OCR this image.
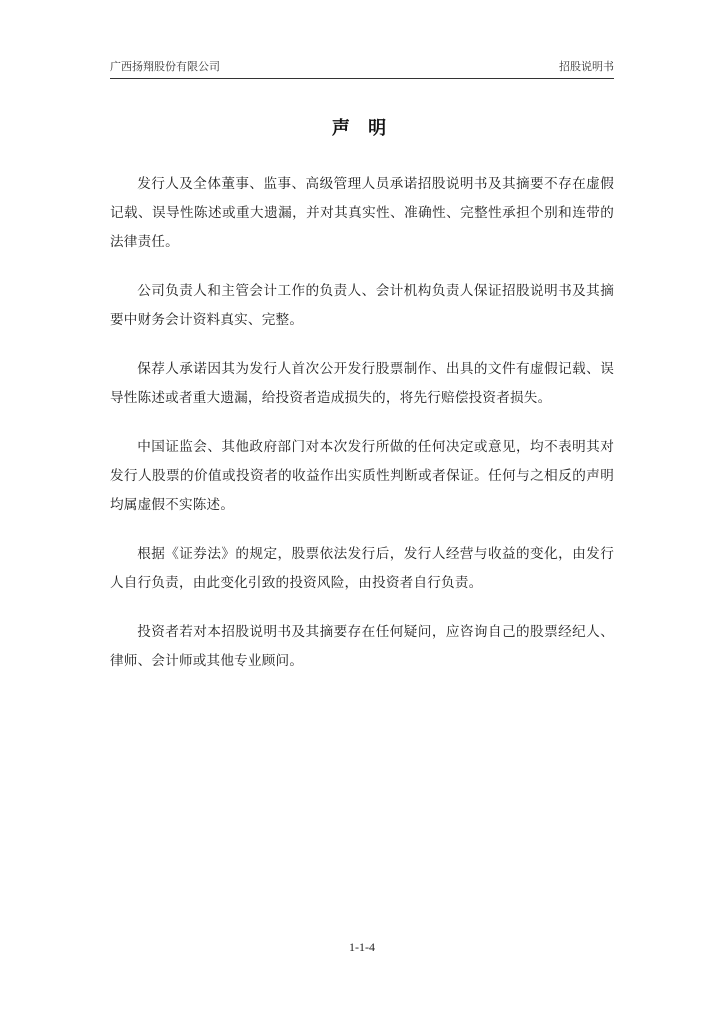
广西扬翔股份有限公司	招股说明书
声 明

发行人及全体董事、监事、高级管理人员承诺招股说明书及其摘要不存在虚假记载、误导性陈述或重大遗漏，并对其真实性、准确性、完整性承担个别和连带的法律责任。

公司负责人和主管会计工作的负责人、会计机构负责人保证招股说明书及其摘要中财务会计资料真实、完整。

保荐人承诺因其为发行人首次公开发行股票制作、出具的文件有虚假记载、误导性陈述或者重大遗漏，给投资者造成损失的，将先行赔偿投资者损失。

中国证监会、其他政府部门对本次发行所做的任何决定或意见，均不表明其对发行人股票的价值或投资者的收益作出实质性判断或者保证。任何与之相反的声明均属虚假不实陈述。

根据《证券法》的规定，股票依法发行后，发行人经营与收益的变化，由发行人自行负责，由此变化引致的投资风险，由投资者自行负责。

投资者若对本招股说明书及其摘要存在任何疑问，应咨询自己的股票经纪人、律师、会计师或其他专业顾问。

1-1-4
